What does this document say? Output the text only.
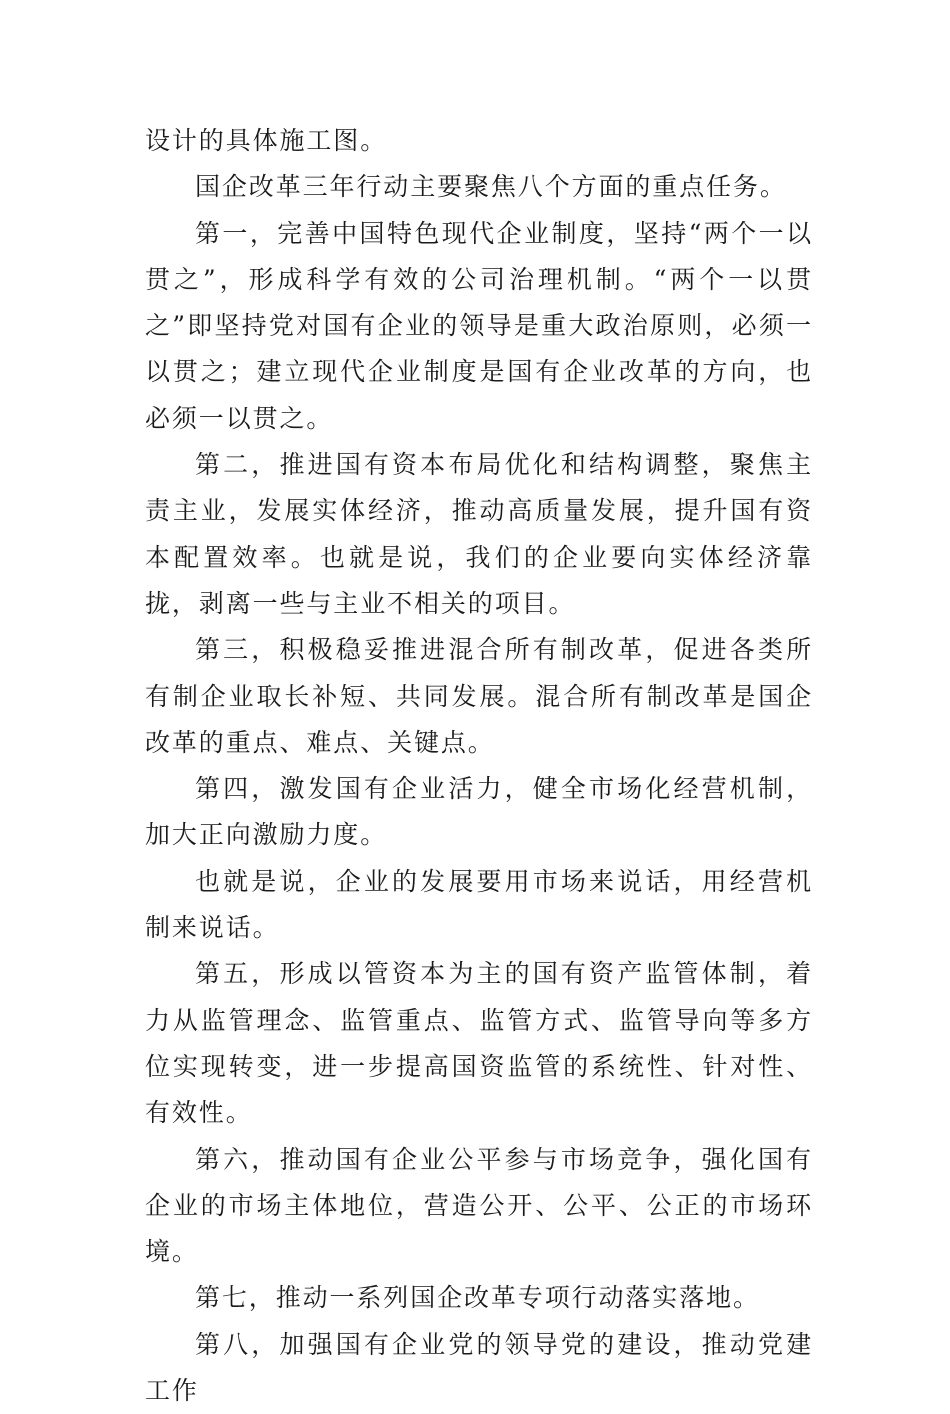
设计的具体施工图。

国企改革三年行动主要聚焦八个方面的重点任务。

第一，完善中国特色现代企业制度，坚持“两个一以贯之”，形成科学有效的公司治理机制。“两个一以贯之”即坚持党对国有企业的领导是重大政治原则，必须一以贯之；建立现代企业制度是国有企业改革的方向，也必须一以贯之。

第二，推进国有资本布局优化和结构调整，聚焦主责主业，发展实体经济，推动高质量发展，提升国有资本配置效率。也就是说，我们的企业要向实体经济靠拢，剥离一些与主业不相关的项目。

第三，积极稳妥推进混合所有制改革，促进各类所有制企业取长补短、共同发展。混合所有制改革是国企改革的重点、难点、关键点。

第四，激发国有企业活力，健全市场化经营机制，加大正向激励力度。

也就是说，企业的发展要用市场来说话，用经营机制来说话。

第五，形成以管资本为主的国有资产监管体制，着力从监管理念、监管重点、监管方式、监管导向等多方位实现转变，进一步提高国资监管的系统性、针对性、有效性。

第六，推动国有企业公平参与市场竞争，强化国有企业的市场主体地位，营造公开、公平、公正的市场环境。

第七，推动一系列国企改革专项行动落实落地。

第八，加强国有企业党的领导党的建设，推动党建工作
